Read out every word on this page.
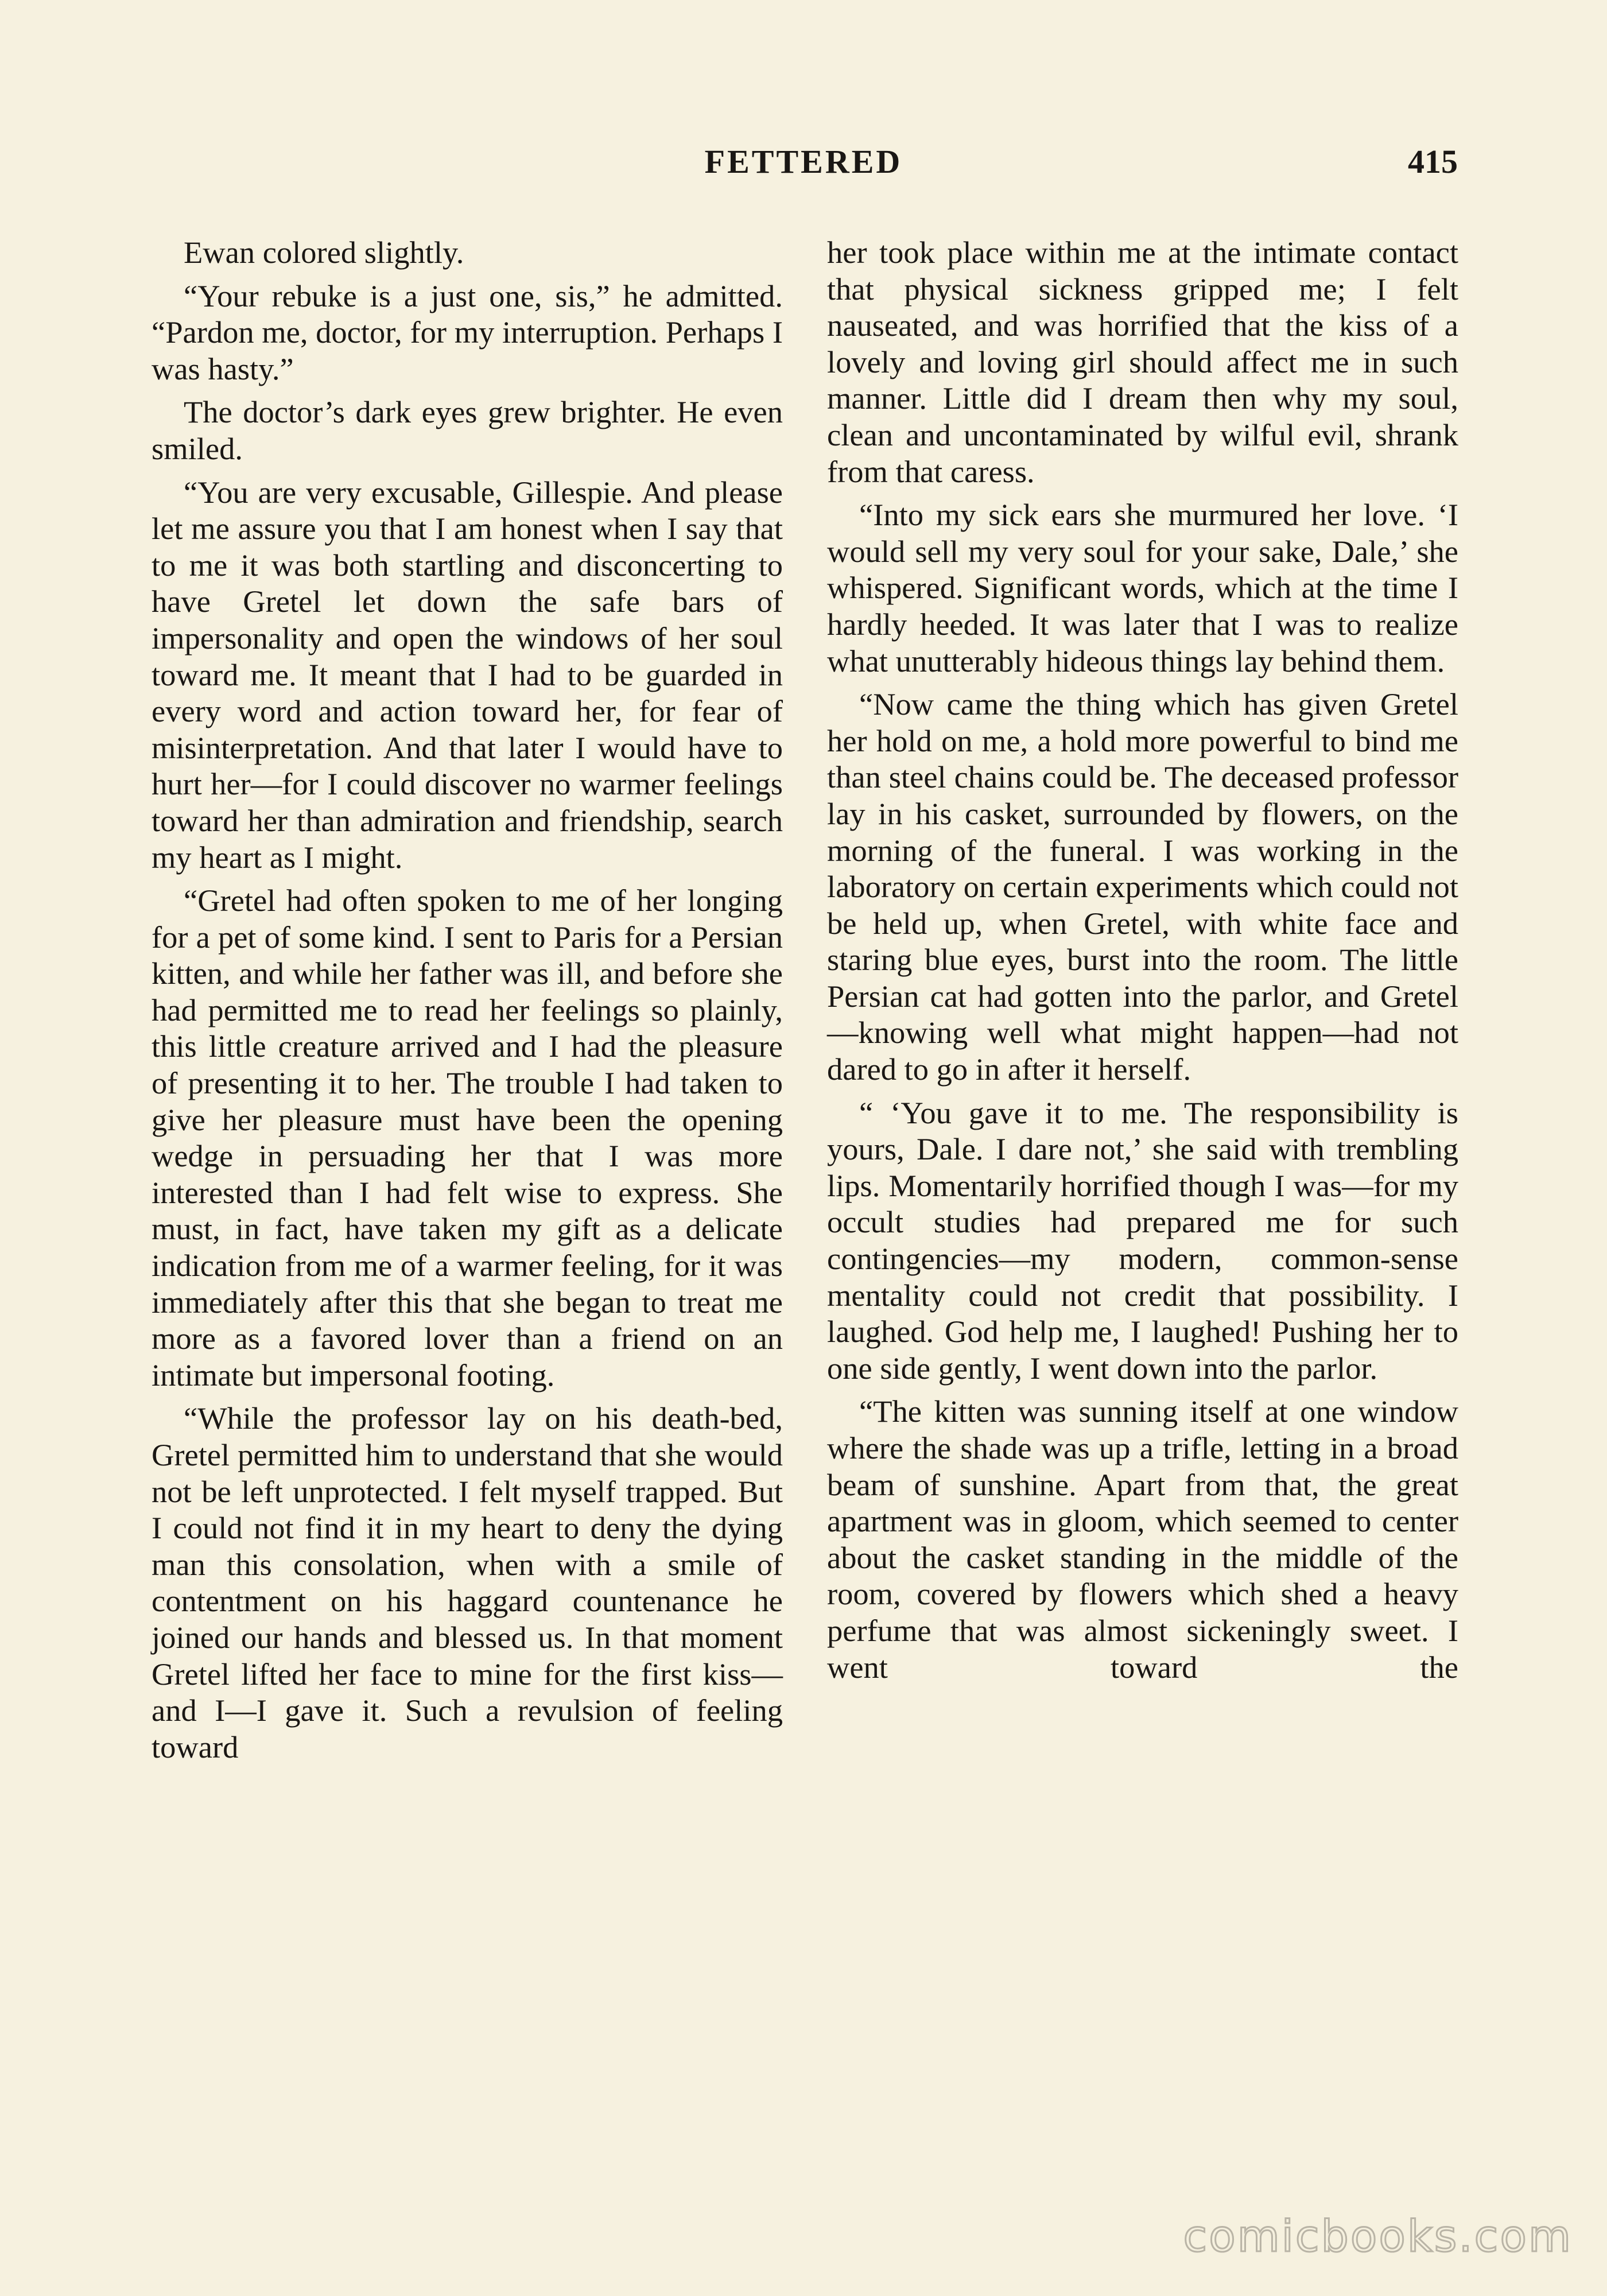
FETTERED	415

Ewan colored slightly.

“Your rebuke is a just one, sis,” he admitted. “Pardon me, doctor, for my interruption. Perhaps I was hasty.”

The doctor’s dark eyes grew brighter. He even smiled.

“You are very excusable, Gillespie. And please let me assure you that I am honest when I say that to me it was both startling and disconcerting to have Gretel let down the safe bars of impersonality and open the windows of her soul toward me. It meant that I had to be guarded in every word and action toward her, for fear of misinterpretation. And that later I would have to hurt her—for I could discover no warmer feelings toward her than admiration and friendship, search my heart as I might.

“Gretel had often spoken to me of her longing for a pet of some kind. I sent to Paris for a Persian kitten, and while her father was ill, and before she had permitted me to read her feelings so plainly, this little creature arrived and I had the pleasure of presenting it to her. The trouble I had taken to give her pleasure must have been the opening wedge in persuading her that I was more interested than I had felt wise to express. She must, in fact, have taken my gift as a delicate indication from me of a warmer feeling, for it was immediately after this that she began to treat me more as a favored lover than a friend on an intimate but impersonal footing.

“While the professor lay on his death-bed, Gretel permitted him to understand that she would not be left unprotected. I felt myself trapped. But I could not find it in my heart to deny the dying man this consolation, when with a smile of contentment on his haggard countenance he joined our hands and blessed us. In that moment Gretel lifted her face to mine for the first kiss—and I—I gave it. Such a revulsion of feeling toward

her took place within me at the intimate contact that physical sickness gripped me; I felt nauseated, and was horrified that the kiss of a lovely and loving girl should affect me in such manner. Little did I dream then why my soul, clean and uncontaminated by wilful evil, shrank from that caress.

“Into my sick ears she murmured her love. ‘I would sell my very soul for your sake, Dale,’ she whispered. Significant words, which at the time I hardly heeded. It was later that I was to realize what unutterably hideous things lay behind them.

“Now came the thing which has given Gretel her hold on me, a hold more powerful to bind me than steel chains could be. The deceased professor lay in his casket, surrounded by flowers, on the morning of the funeral. I was working in the laboratory on certain experiments which could not be held up, when Gretel, with white face and staring blue eyes, burst into the room. The little Persian cat had gotten into the parlor, and Gretel—knowing well what might happen—had not dared to go in after it herself.

“ ‘You gave it to me. The responsibility is yours, Dale. I dare not,’ she said with trembling lips. Momentarily horrified though I was—for my occult studies had prepared me for such contingencies—my modern, common-sense mentality could not credit that possibility. I laughed. God help me, I laughed! Pushing her to one side gently, I went down into the parlor.

“The kitten was sunning itself at one window where the shade was up a trifle, letting in a broad beam of sunshine. Apart from that, the great apartment was in gloom, which seemed to center about the casket standing in the middle of the room, covered by flowers which shed a heavy perfume that was almost sickeningly sweet. I went toward the

comicbooks.com
